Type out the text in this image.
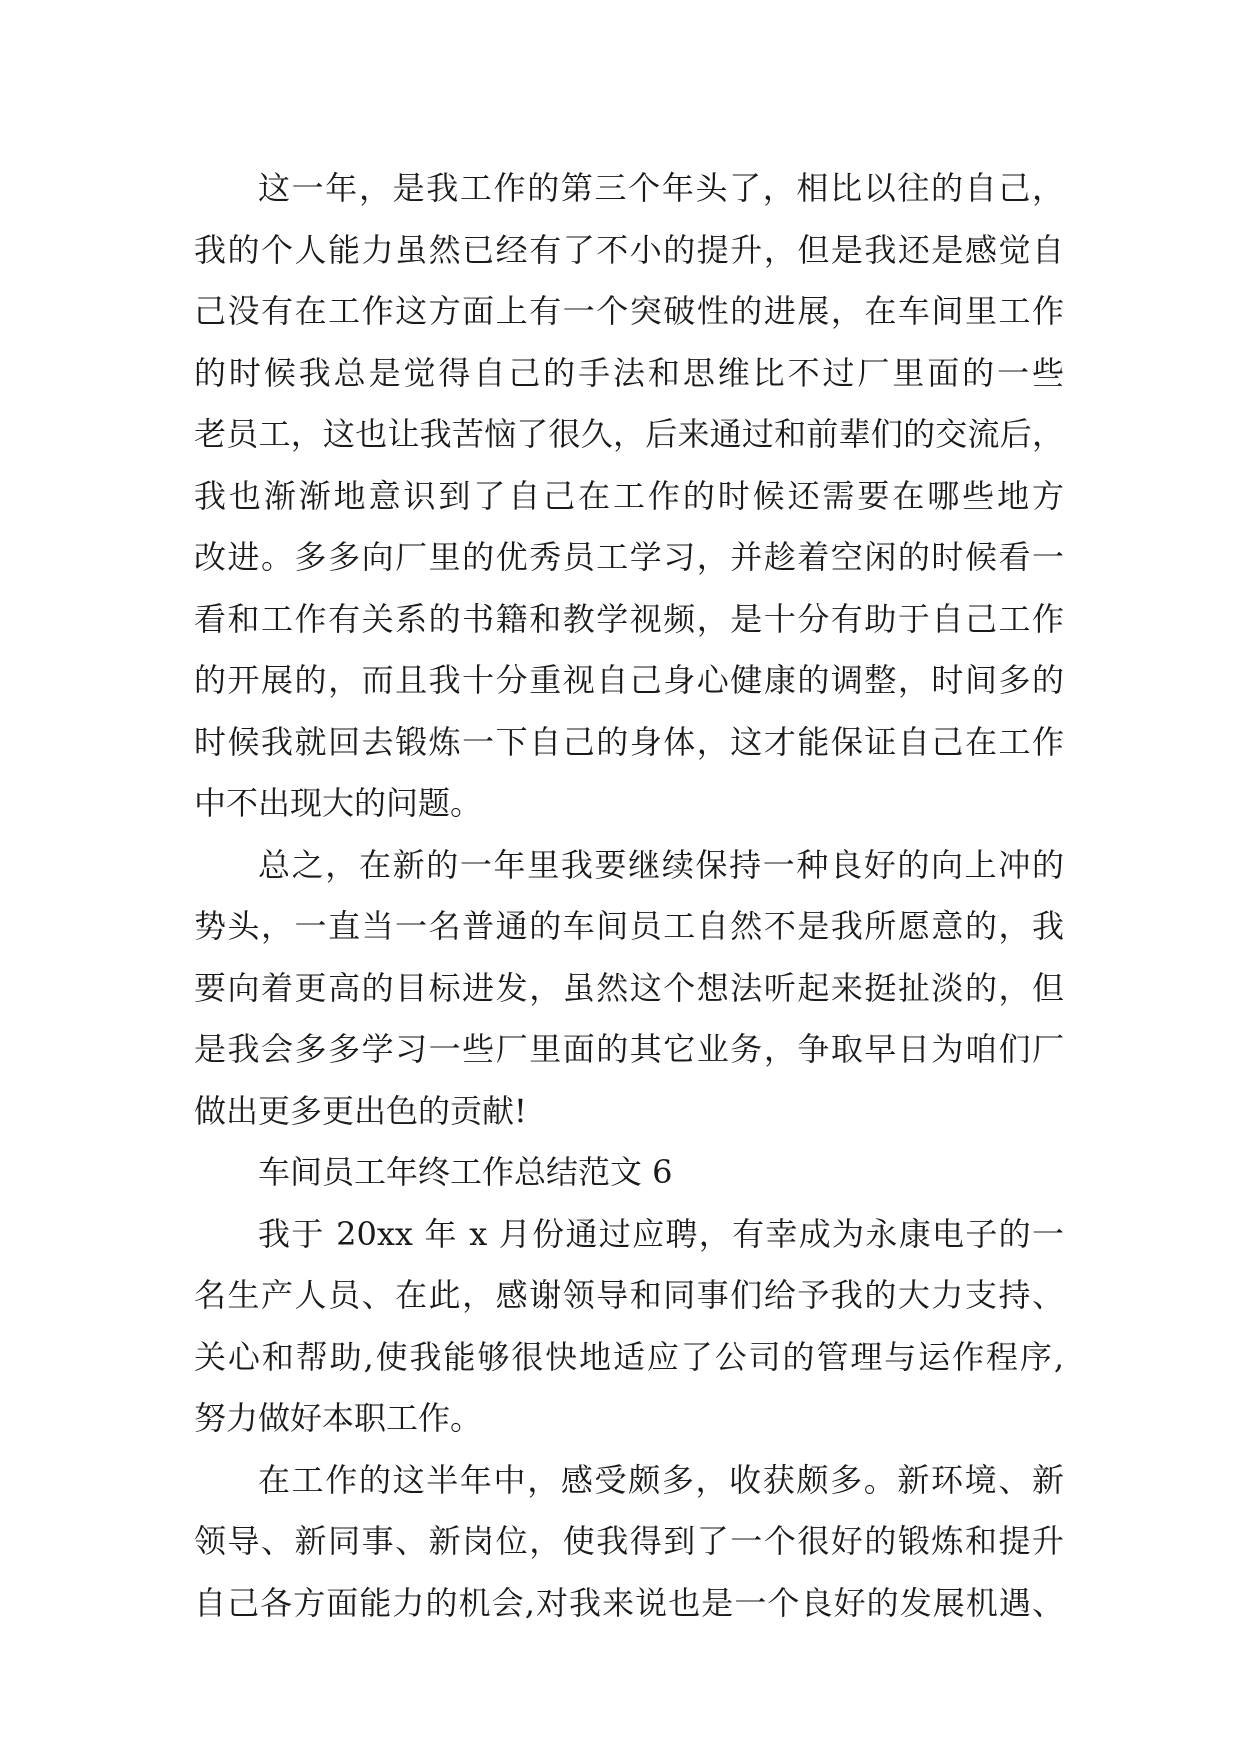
这一年，是我工作的第三个年头了，相比以往的自己，
我的个人能力虽然已经有了不小的提升，但是我还是感觉自
己没有在工作这方面上有一个突破性的进展，在车间里工作
的时候我总是觉得自己的手法和思维比不过厂里面的一些
老员工，这也让我苦恼了很久，后来通过和前辈们的交流后，
我也渐渐地意识到了自己在工作的时候还需要在哪些地方
改进。多多向厂里的优秀员工学习，并趁着空闲的时候看一
看和工作有关系的书籍和教学视频，是十分有助于自己工作
的开展的，而且我十分重视自己身心健康的调整，时间多的
时候我就回去锻炼一下自己的身体，这才能保证自己在工作
中不出现大的问题。
总之，在新的一年里我要继续保持一种良好的向上冲的
势头，一直当一名普通的车间员工自然不是我所愿意的，我
要向着更高的目标进发，虽然这个想法听起来挺扯淡的，但
是我会多多学习一些厂里面的其它业务，争取早日为咱们厂
做出更多更出色的贡献!
车间员工年终工作总结范文 6
我于 20xx 年 x 月份通过应聘，有幸成为永康电子的一
名生产人员、在此，感谢领导和同事们给予我的大力支持、
关心和帮助,使我能够很快地适应了公司的管理与运作程序,
努力做好本职工作。
在工作的这半年中，感受颇多，收获颇多。新环境、新
领导、新同事、新岗位，使我得到了一个很好的锻炼和提升
自己各方面能力的机会,对我来说也是一个良好的发展机遇、
